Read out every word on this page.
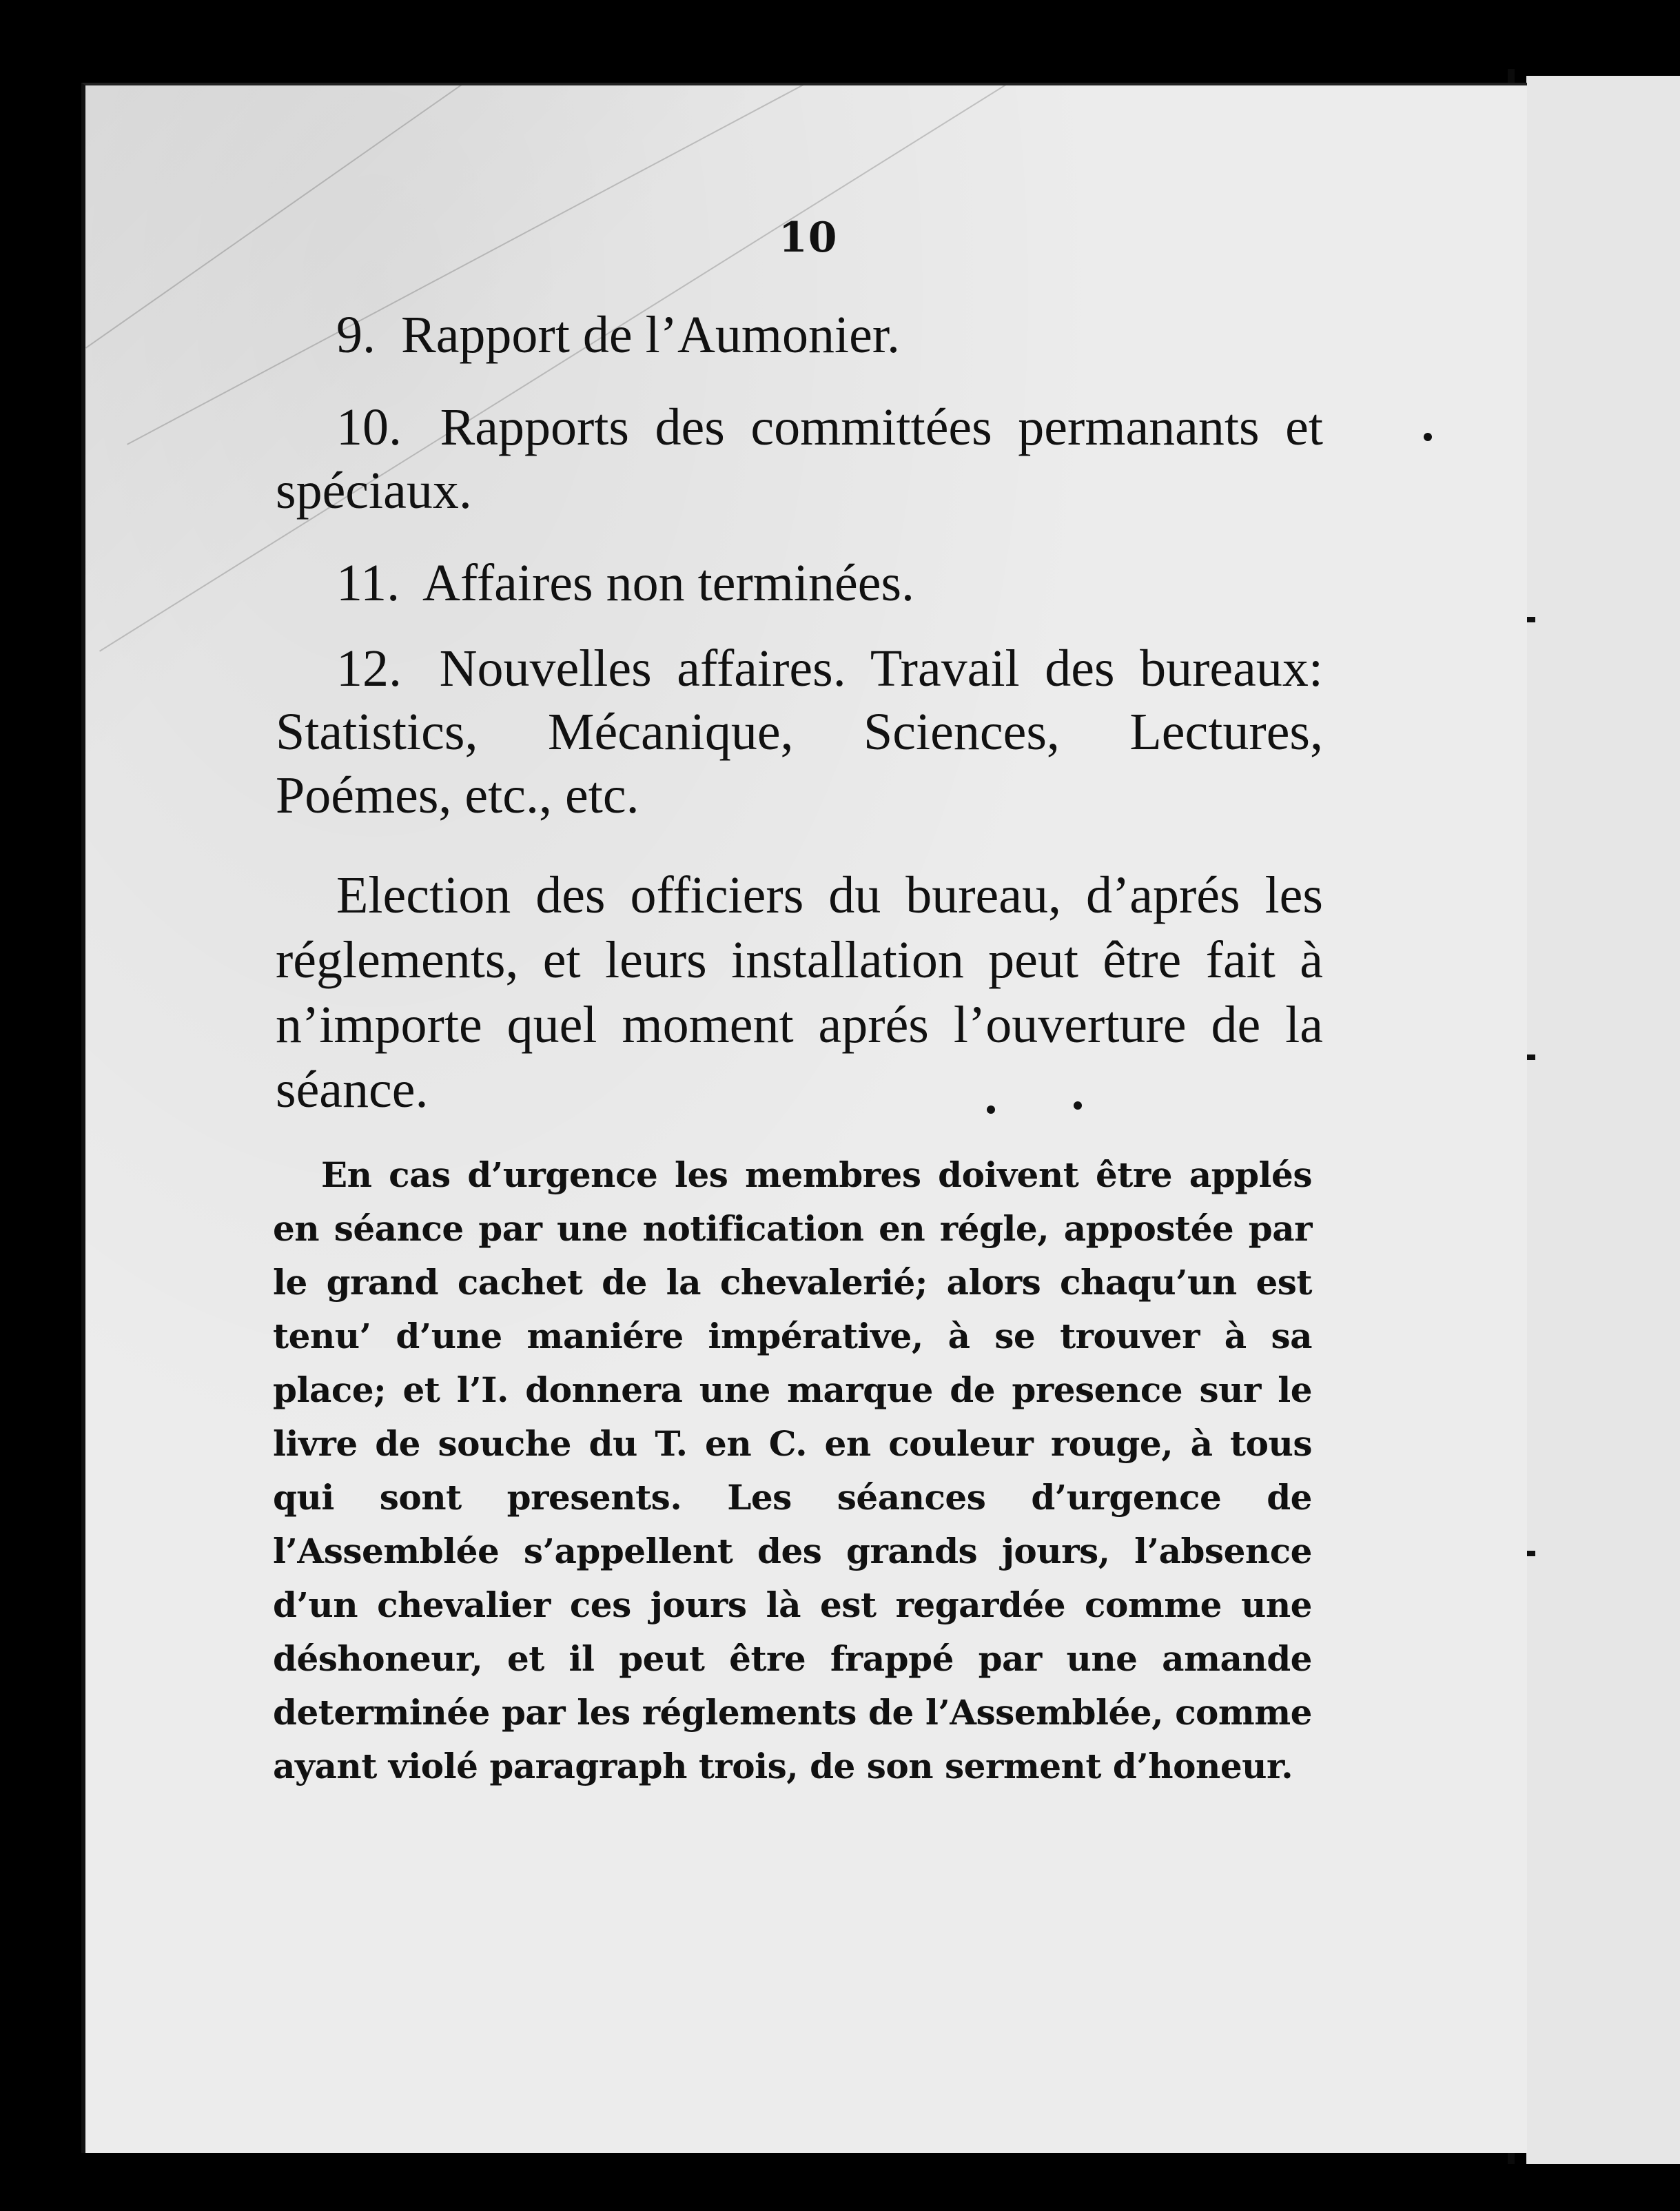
10
9. Rapport de l’Aumonier.
10. Rapports des committées permanants et spéciaux.
11. Affaires non terminées.
12. Nouvelles affaires. Travail des bureaux: Statistics, Mécanique, Sciences, Lectures, Poémes, etc., etc.
Election des officiers du bureau, d’aprés les réglements, et leurs installation peut être fait à n’importe quel moment aprés l’ouverture de la séance.
En cas d’urgence les membres doivent être applés en séance par une notification en régle, appostée par le grand cachet de la chevalerié; alors chaqu’un est tenu’ d’une maniére impérative, à se trouver à sa place; et l’I. donnera une marque de presence sur le livre de souche du T. en C. en couleur rouge, à tous qui sont presents. Les séances d’urgence de l’Assemblée s’appellent des grands jours, l’absence d’un chevalier ces jours là est regardée comme une déshoneur, et il peut être frappé par une amande determinée par les réglements de l’Assemblée, comme ayant violé paragraph trois, de son serment d’honeur.
